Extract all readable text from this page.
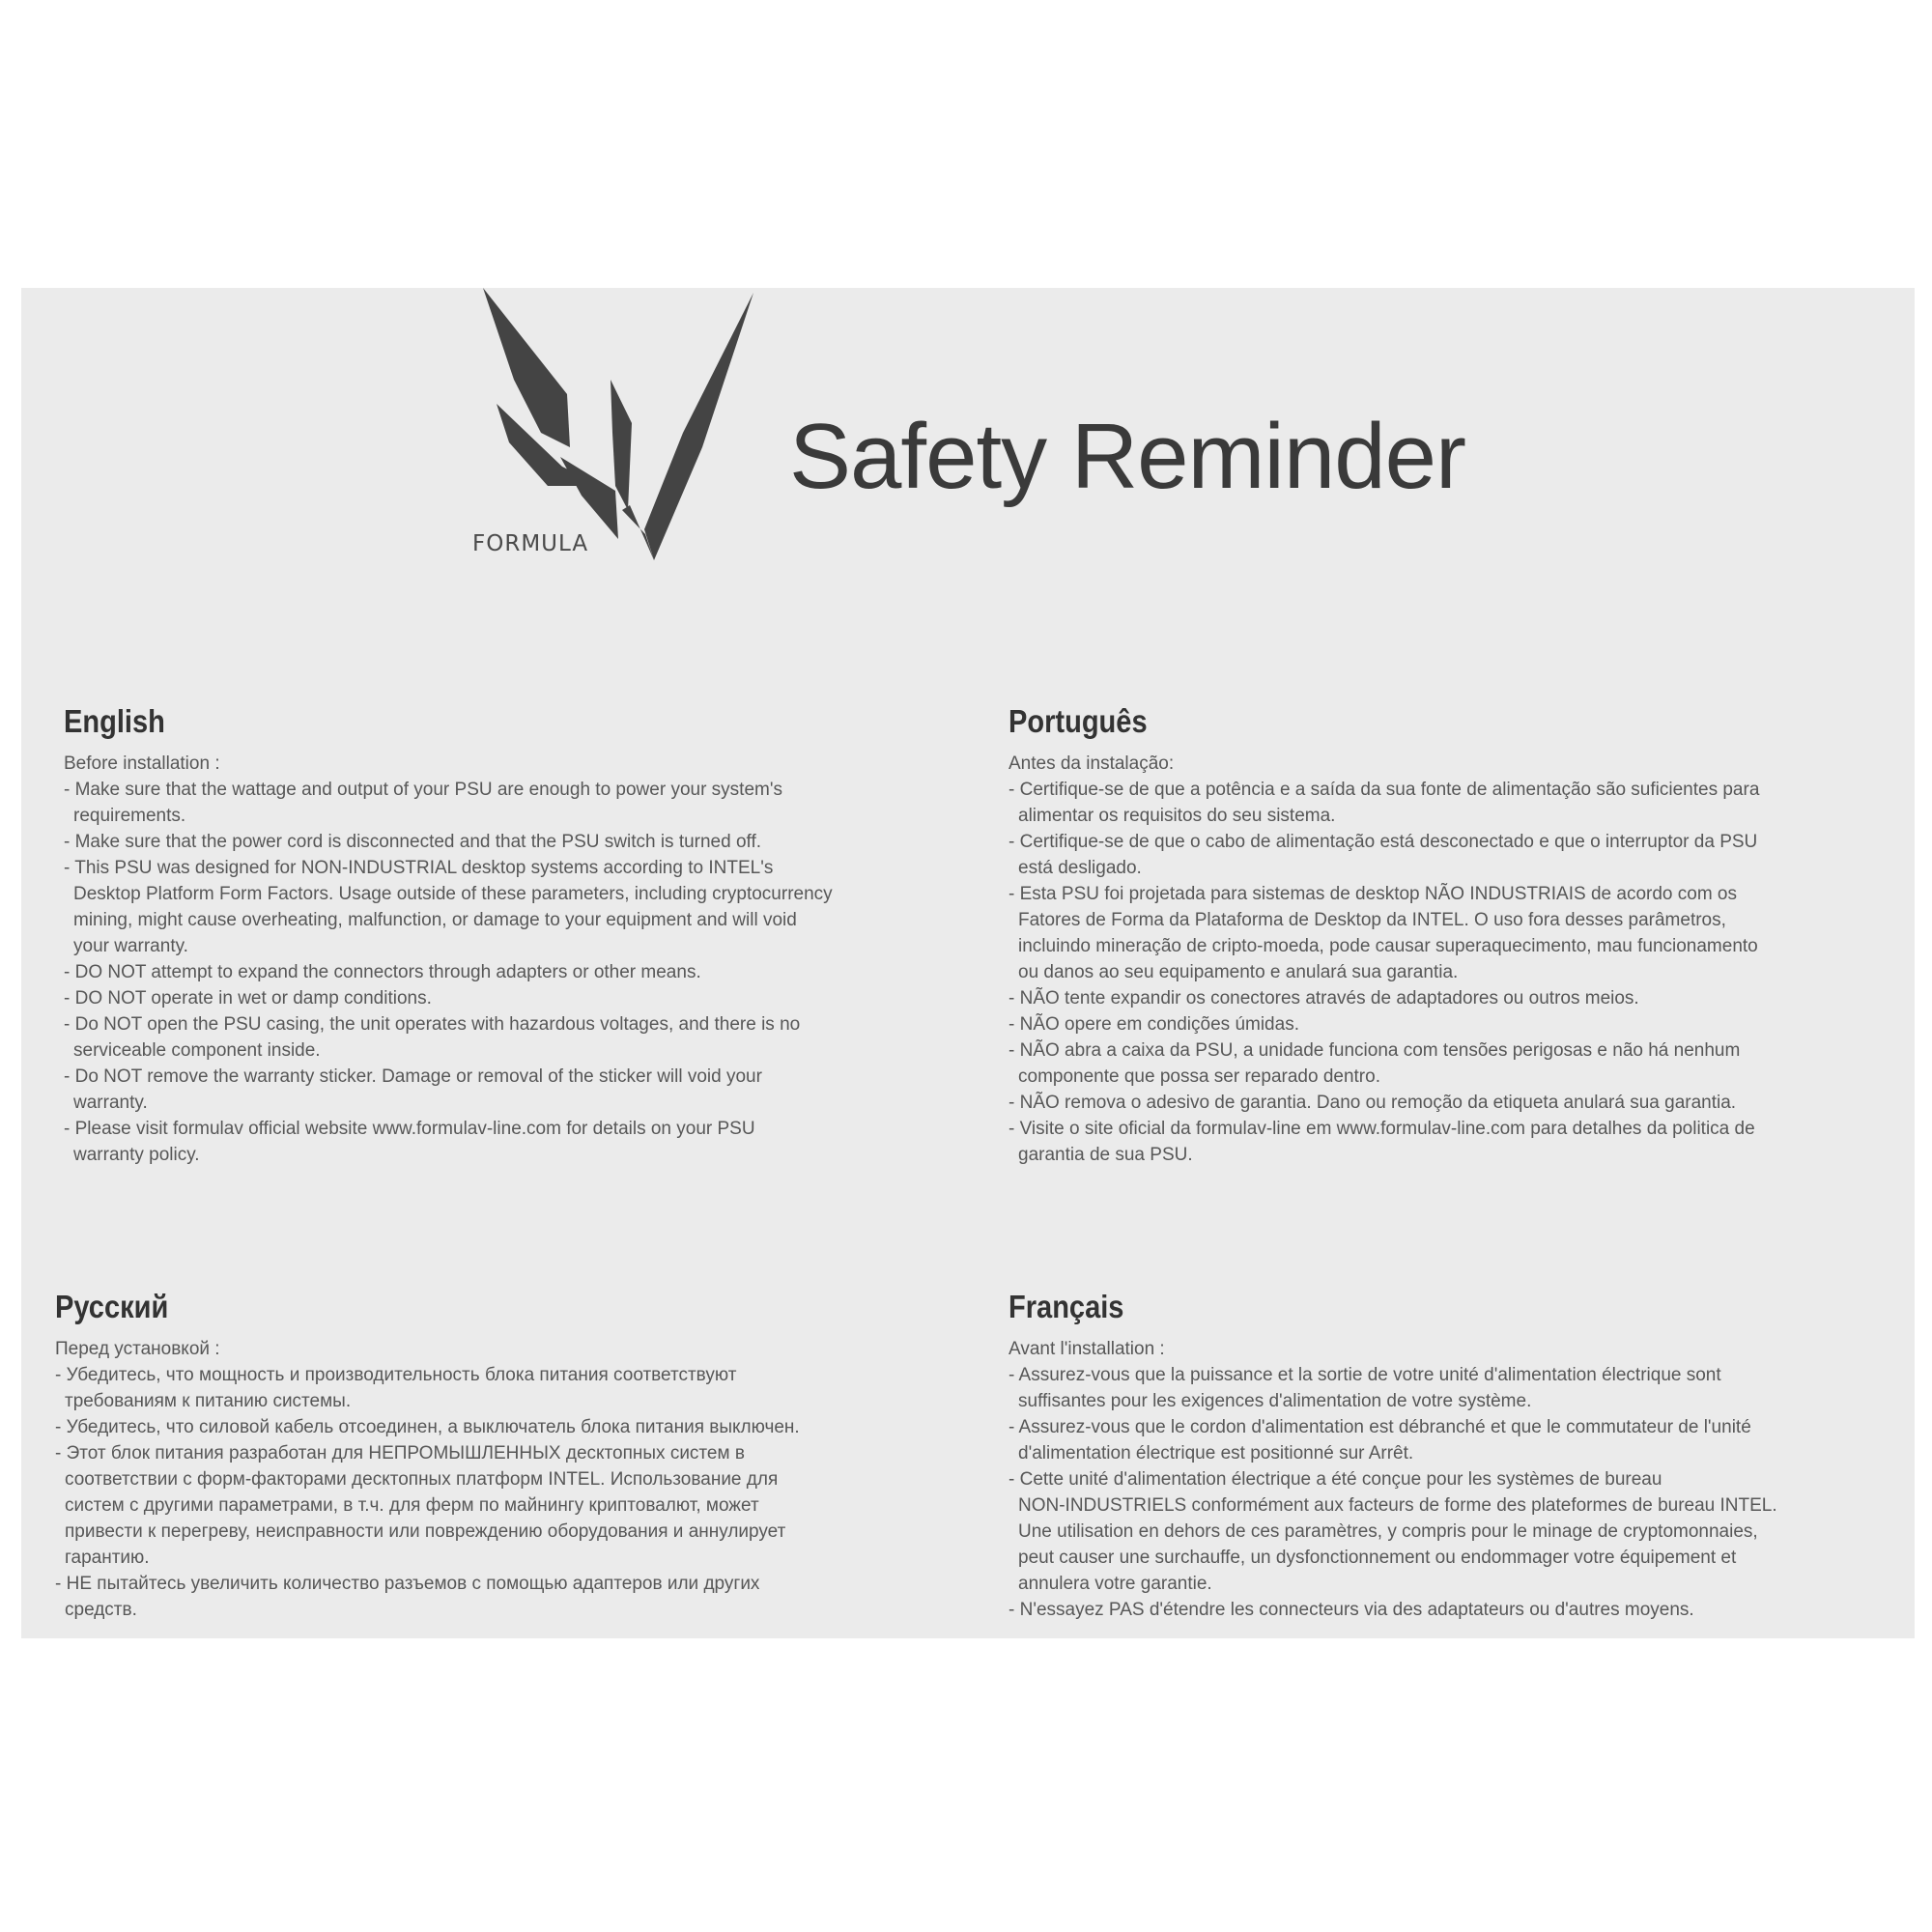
FORMULA
Safety Reminder
English
Before installation :
- Make sure that the wattage and output of your PSU are enough to power your system's
requirements.
- Make sure that the power cord is disconnected and that the PSU switch is turned off.
- This PSU was designed for NON-INDUSTRIAL desktop systems according to INTEL's
Desktop Platform Form Factors. Usage outside of these parameters, including cryptocurrency
mining, might cause overheating, malfunction, or damage to your equipment and will void
your warranty.
- DO NOT attempt to expand the connectors through adapters or other means.
- DO NOT operate in wet or damp conditions.
- Do NOT open the PSU casing, the unit operates with hazardous voltages, and there is no
serviceable component inside.
- Do NOT remove the warranty sticker. Damage or removal of the sticker will void your
warranty.
- Please visit formulav official website www.formulav-line.com for details on your PSU
warranty policy.
Português
Antes da instalação:
- Certifique-se de que a potência e a saída da sua fonte de alimentação são suficientes para
alimentar os requisitos do seu sistema.
- Certifique-se de que o cabo de alimentação está desconectado e que o interruptor da PSU
está desligado.
- Esta PSU foi projetada para sistemas de desktop NÃO INDUSTRIAIS de acordo com os
Fatores de Forma da Plataforma de Desktop da INTEL. O uso fora desses parâmetros,
incluindo mineração de cripto-moeda, pode causar superaquecimento, mau funcionamento
ou danos ao seu equipamento e anulará sua garantia.
- NÃO tente expandir os conectores através de adaptadores ou outros meios.
- NÃO opere em condições úmidas.
- NÃO abra a caixa da PSU, a unidade funciona com tensões perigosas e não há nenhum
componente que possa ser reparado dentro.
- NÃO remova o adesivo de garantia. Dano ou remoção da etiqueta anulará sua garantia.
- Visite o site oficial da formulav-line em www.formulav-line.com para detalhes da politica de
garantia de sua PSU.
Русский
Перед установкой :
- Убедитесь, что мощность и производительность блока питания соответствуют
требованиям к питанию системы.
- Убедитесь, что силовой кабель отсоединен, а выключатель блока питания выключен.
- Этот блок питания разработан для НЕПРОМЫШЛЕННЫХ десктопных систем в
соответствии с форм-факторами десктопных платформ INTEL. Использование для
систем с другими параметрами, в т.ч. для ферм по майнингу криптовалют, может
привести к перегреву, неисправности или повреждению оборудования и аннулирует
гарантию.
- НЕ пытайтесь увеличить количество разъемов с помощью адаптеров или других
средств.
Français
Avant l'installation :
- Assurez-vous que la puissance et la sortie de votre unité d'alimentation électrique sont
suffisantes pour les exigences d'alimentation de votre système.
- Assurez-vous que le cordon d'alimentation est débranché et que le commutateur de l'unité
d'alimentation électrique est positionné sur Arrêt.
- Cette unité d'alimentation électrique a été conçue pour les systèmes de bureau
NON-INDUSTRIELS conformément aux facteurs de forme des plateformes de bureau INTEL.
Une utilisation en dehors de ces paramètres, y compris pour le minage de cryptomonnaies,
peut causer une surchauffe, un dysfonctionnement ou endommager votre équipement et
annulera votre garantie.
- N'essayez PAS d'étendre les connecteurs via des adaptateurs ou d'autres moyens.
